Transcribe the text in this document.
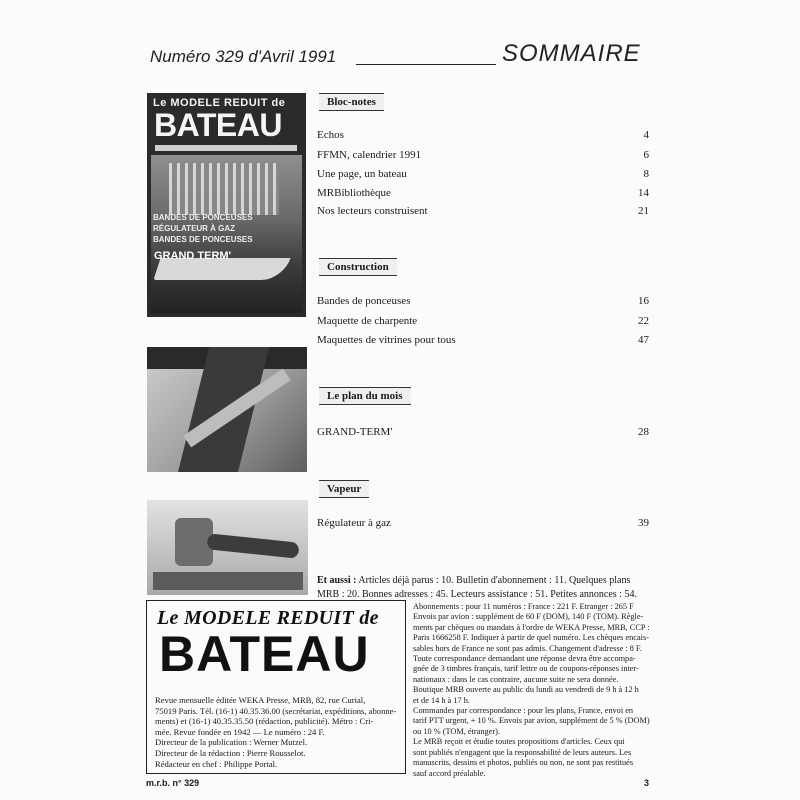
Numéro 329 d'Avril 1991	SOMMAIRE
Le MODELE REDUIT de
BATEAU
BANDES DE PONCEUSES
RÉGULATEUR À GAZ
BANDES DE PONCEUSES
GRAND TERM'
Bloc-notes
Echos	4
FFMN, calendrier 1991	6
Une page, un bateau	8
MRBibliothèque	14
Nos lecteurs construisent	21
Construction
Bandes de ponceuses	16
Maquette de charpente	22
Maquettes de vitrines pour tous	47
Le plan du mois
GRAND-TERM'	28
Vapeur
Régulateur à gaz	39
Et aussi : Articles déjà parus : 10. Bulletin d'abonnement : 11. Quelques plans MRB : 20. Bonnes adresses : 45. Lecteurs assistance : 51. Petites annonces : 54.
Le MODELE REDUIT de
BATEAU
Revue mensuelle éditée WEKA Presse, MRB, 82, rue Curial,
75019 Paris. Tél. (16-1) 40.35.36.00 (secrétariat, expéditions, abonne-
ments) et (16-1) 40.35.35.50 (rédaction, publicité). Métro : Cri-
mée. Revue fondée en 1942 — Le numéro : 24 F.
Directeur de la publication : Werner Mutzel.
Directeur de la rédaction : Pierre Rousselot.
Rédacteur en chef : Philippe Portal.

Abonnements : pour 11 numéros : France : 221 F. Etranger : 265 F

Envois par avion : supplément de 60 F (DOM), 140 F (TOM). Règle-

ments par chèques ou mandats à l'ordre de WEKA Presse, MRB, CCP :

Paris 1666258 F. Indiquer à partir de quel numéro. Les chèques encais-

sables hors de France ne sont pas admis. Changement d'adresse : 8 F.

Toute correspondance demandant une réponse devra être accompa-

gnée de 3 timbres français, tarif lettre ou de coupons-réponses inter-

nationaux : dans le cas contraire, aucune suite ne sera donnée.

Boutique MRB ouverte au public du lundi au vendredi de 9 h à 12 h

et de 14 h à 17 h.

Commandes par correspondance : pour les plans, France, envoi en

tarif PTT urgent, + 10 %. Envois par avion, supplément de 5 % (DOM)

ou 10 % (TOM, étranger).

Le MRB reçoit et étudie toutes propositions d'articles. Ceux qui

sont publiés n'engagent que la responsabilité de leurs auteurs. Les

manuscrits, dessins et photos, publiés ou non, ne sont pas restitués

sauf accord préalable.

m.r.b. n° 329	3
